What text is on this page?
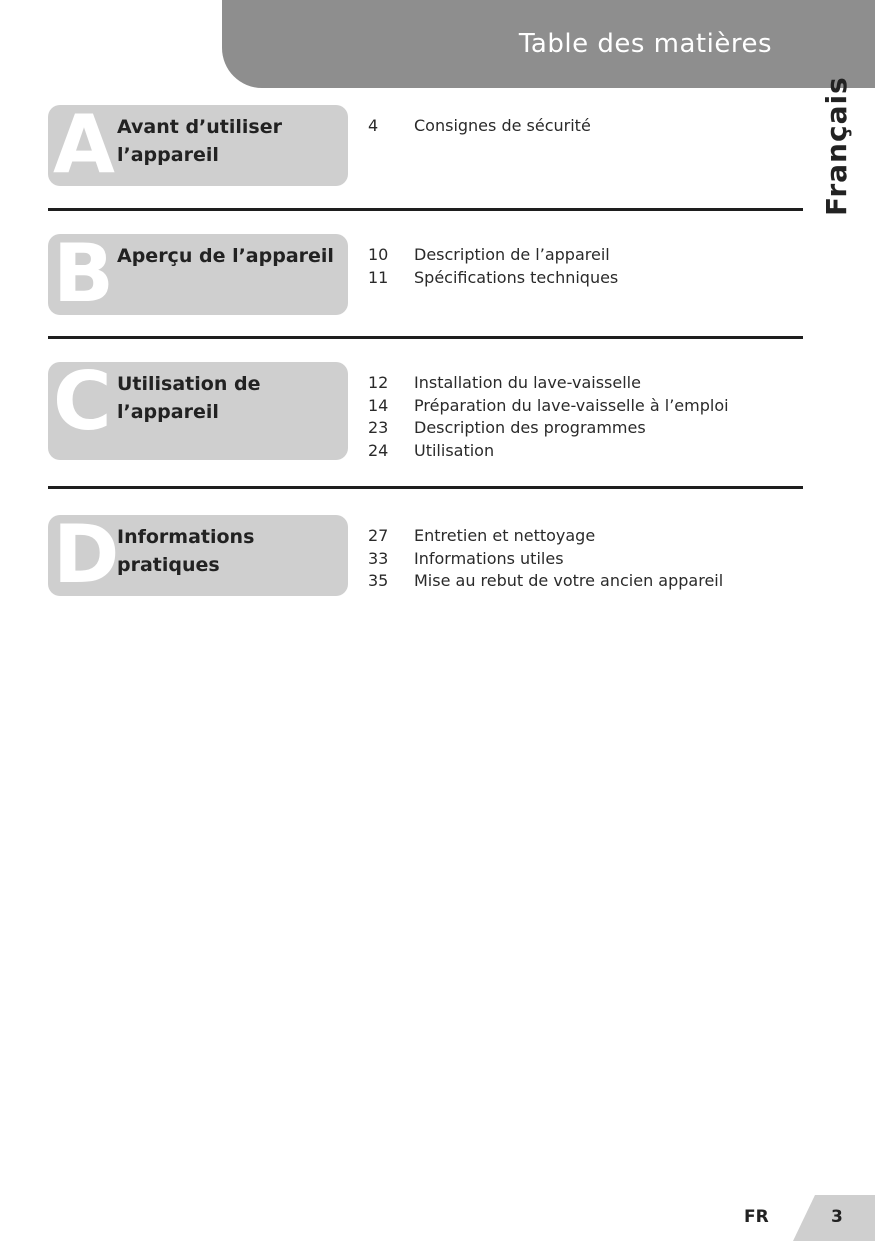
Table des matières
Français
A Avant d’utiliser l’appareil
4	Consignes de sécurité
B Aperçu de l’appareil	10	Description de l’appareil
11	Spécifications techniques
C Utilisation de l’appareil
12	Installation du lave-vaisselle
14	Préparation du lave-vaisselle à l’emploi
23	Description des programmes
24	Utilisation
D
Informations pratiques
27	Entretien et nettoyage
33	Informations utiles
35	Mise au rebut de votre ancien appareil
FR	3
